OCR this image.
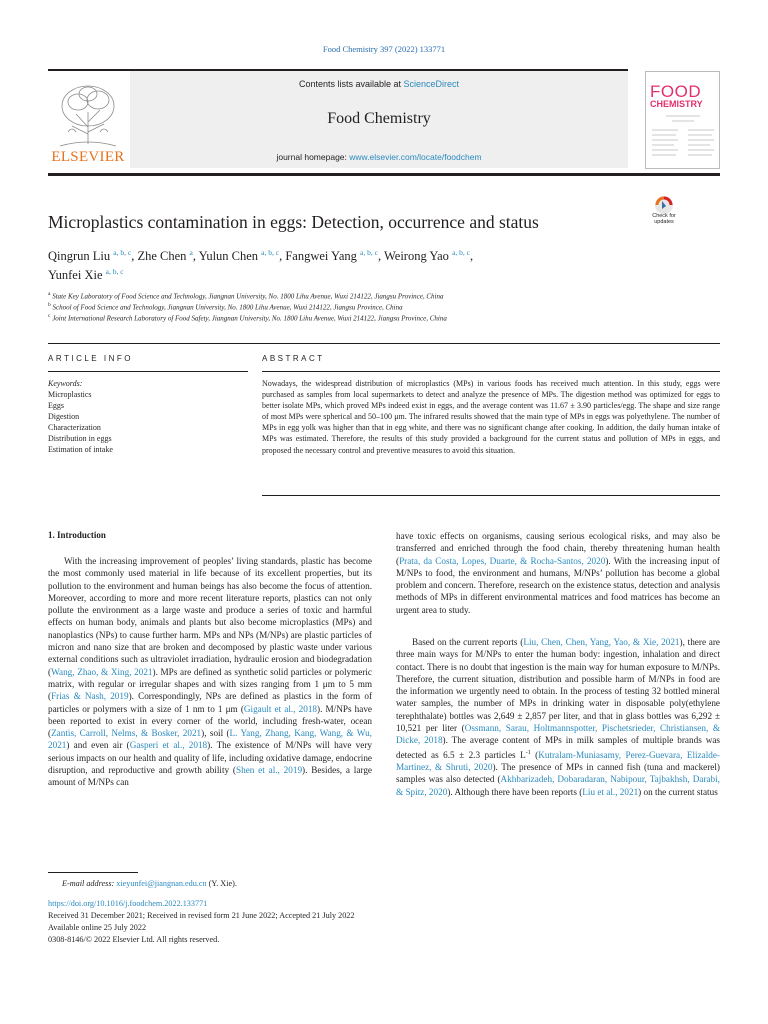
Food Chemistry 397 (2022) 133771
ELSEVIER
Contents lists available at ScienceDirect
Food Chemistry
journal homepage: www.elsevier.com/locate/foodchem
FOOD
CHEMISTRY
Microplastics contamination in eggs: Detection, occurrence and status	Check for updates
Qingrun Liu $^{a, b, c}$, Zhe Chen $^a$, Yulun Chen $^{a, b, c}$, Fangwei Yang $^{a, b, c}$, Weirong Yao $^{a, b, c}$,
Yunfei Xie $^{a, b, c}$
$^a$ State Key Laboratory of Food Science and Technology, Jiangnan University, No. 1800 Lihu Avenue, Wuxi 214122, Jiangsu Province, China
$^b$ School of Food Science and Technology, Jiangnan University, No. 1800 Lihu Avenue, Wuxi 214122, Jiangsu Province, China
$^c$ Joint International Research Laboratory of Food Safety, Jiangnan University, No. 1800 Lihu Avenue, Wuxi 214122, Jiangsu Province, China
ARTICLE INFO	ABSTRACT
Keywords:
Microplastics
Eggs
Digestion
Characterization
Distribution in eggs
Estimation of intake
Nowadays, the widespread distribution of microplastics (MPs) in various foods has received much attention. In this study, eggs were purchased as samples from local supermarkets to detect and analyze the presence of MPs. The digestion method was optimized for eggs to better isolate MPs, which proved MPs indeed exist in eggs, and the average content was 11.67 ± 3.90 particles/egg. The shape and size range of most MPs were spherical and 50–100 μm. The infrared results showed that the main type of MPs in eggs was polyethylene. The number of MPs in egg yolk was higher than that in egg white, and there was no significant change after cooking. In addition, the daily human intake of MPs was estimated. Therefore, the results of this study provided a background for the current status and pollution of MPs in eggs, and proposed the necessary control and preventive measures to avoid this situation.
1. Introduction
With the increasing improvement of peoples’ living standards, plastic has become the most commonly used material in life because of its excellent properties, but its pollution to the environment and human beings has also become the focus of attention. Moreover, according to more and more recent literature reports, plastics can not only pollute the environment as a large waste and produce a series of toxic and harmful effects on human body, animals and plants but also become microplastics (MPs) and nanoplastics (NPs) to cause further harm. MPs and NPs (M/NPs) are plastic particles of micron and nano size that are broken and decomposed by plastic waste under various external conditions such as ultraviolet irradiation, hydraulic erosion and biodegradation (Wang, Zhao, & Xing, 2021). MPs are defined as synthetic solid particles or polymeric matrix, with regular or irregular shapes and with sizes ranging from 1 μm to 5 mm (Frias & Nash, 2019). Correspondingly, NPs are defined as plastics in the form of particles or polymers with a size of 1 nm to 1 μm (Gigault et al., 2018). M/NPs have been reported to exist in every corner of the world, including fresh-water, ocean (Zantis, Carroll, Nelms, & Bosker, 2021), soil (L. Yang, Zhang, Kang, Wang, & Wu, 2021) and even air (Gasperi et al., 2018). The existence of M/NPs will have very serious impacts on our health and quality of life, including oxidative damage, endocrine disruption, and reproductive and growth ability (Shen et al., 2019). Besides, a large amount of M/NPs can
have toxic effects on organisms, causing serious ecological risks, and may also be transferred and enriched through the food chain, thereby threatening human health (Prata, da Costa, Lopes, Duarte, & Rocha-Santos, 2020). With the increasing input of M/NPs to food, the environment and humans, M/NPs’ pollution has become a global problem and concern. Therefore, research on the existence status, detection and analysis methods of MPs in different environmental matrices and food matrices has become an urgent area to study.
Based on the current reports (Liu, Chen, Chen, Yang, Yao, & Xie, 2021), there are three main ways for M/NPs to enter the human body: ingestion, inhalation and direct contact. There is no doubt that ingestion is the main way for human exposure to M/NPs. Therefore, the current situation, distribution and possible harm of M/NPs in food are the information we urgently need to obtain. In the process of testing 32 bottled mineral water samples, the number of MPs in drinking water in disposable poly(ethylene terephthalate) bottles was 2,649 ± 2,857 per liter, and that in glass bottles was 6,292 ± 10,521 per liter (Ossmann, Sarau, Holtmannspotter, Pischetsrieder, Christiansen, & Dicke, 2018). The average content of MPs in milk samples of multiple brands was detected as 6.5 ± 2.3 particles $L^{-1}$ (Kutralam-Muniasamy, Perez-Guevara, Elizalde-Martinez, & Shruti, 2020). The presence of MPs in canned fish (tuna and mackerel) samples was also detected (Akhbarizadeh, Dobaradaran, Nabipour, Tajbakhsh, Darabi, & Spitz, 2020). Although there have been reports (Liu et al., 2021) on the current status
E-mail address: xieyunfei@jiangnan.edu.cn (Y. Xie).
https://doi.org/10.1016/j.foodchem.2022.133771
Received 31 December 2021; Received in revised form 21 June 2022; Accepted 21 July 2022
Available online 25 July 2022
0308-8146/© 2022 Elsevier Ltd. All rights reserved.
